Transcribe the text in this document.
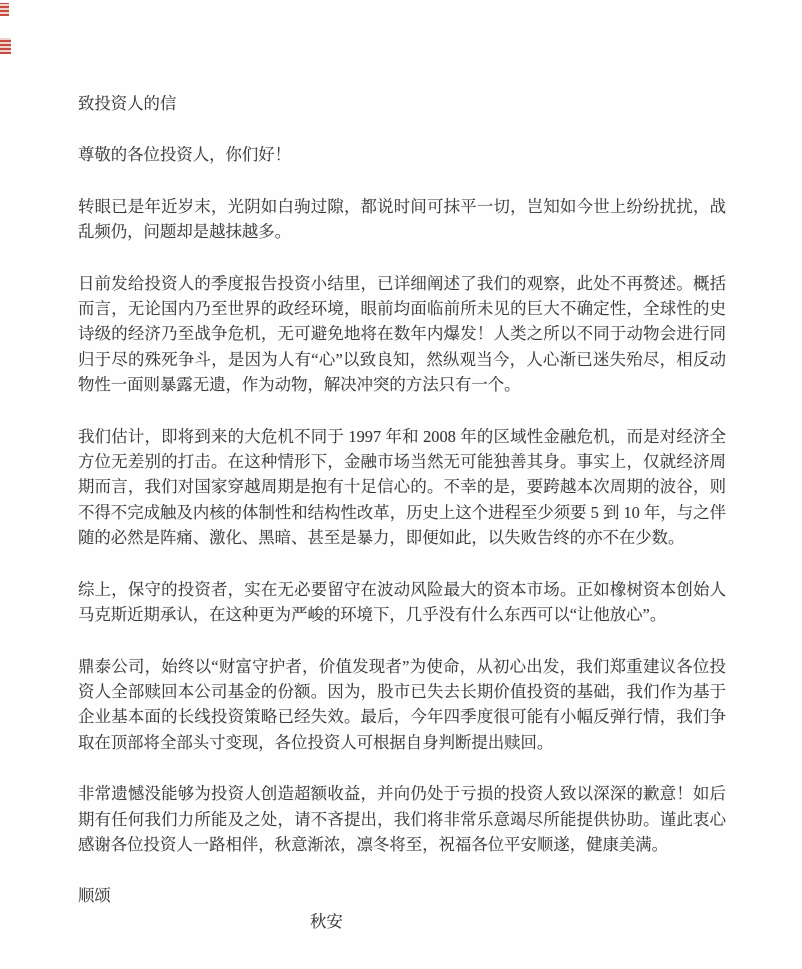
致投资人的信
尊敬的各位投资人，你们好！

转眼已是年近岁末，光阴如白驹过隙，都说时间可抹平一切，岂知如今世上纷纷扰扰，战乱频仍，问题却是越抹越多。

日前发给投资人的季度报告投资小结里，已详细阐述了我们的观察，此处不再赘述。概括而言，无论国内乃至世界的政经环境，眼前均面临前所未见的巨大不确定性，全球性的史诗级的经济乃至战争危机，无可避免地将在数年内爆发！人类之所以不同于动物会进行同归于尽的殊死争斗，是因为人有“心”以致良知，然纵观当今，人心渐已迷失殆尽，相反动物性一面则暴露无遗，作为动物，解决冲突的方法只有一个。

我们估计，即将到来的大危机不同于 1997 年和 2008 年的区域性金融危机，而是对经济全方位无差别的打击。在这种情形下，金融市场当然无可能独善其身。事实上，仅就经济周期而言，我们对国家穿越周期是抱有十足信心的。不幸的是，要跨越本次周期的波谷，则不得不完成触及内核的体制性和结构性改革，历史上这个进程至少须要 5 到 10 年，与之伴随的必然是阵痛、激化、黑暗、甚至是暴力，即便如此，以失败告终的亦不在少数。

综上，保守的投资者，实在无必要留守在波动风险最大的资本市场。正如橡树资本创始人马克斯近期承认，在这种更为严峻的环境下，几乎没有什么东西可以“让他放心”。

鼎泰公司，始终以“财富守护者，价值发现者”为使命，从初心出发，我们郑重建议各位投资人全部赎回本公司基金的份额。因为，股市已失去长期价值投资的基础，我们作为基于企业基本面的长线投资策略已经失效。最后，今年四季度很可能有小幅反弹行情，我们争取在顶部将全部头寸变现，各位投资人可根据自身判断提出赎回。

非常遗憾没能够为投资人创造超额收益，并向仍处于亏损的投资人致以深深的歉意！如后期有任何我们力所能及之处，请不吝提出，我们将非常乐意竭尽所能提供协助。谨此衷心感谢各位投资人一路相伴，秋意渐浓，凛冬将至，祝福各位平安顺遂，健康美满。

顺颂
秋安
